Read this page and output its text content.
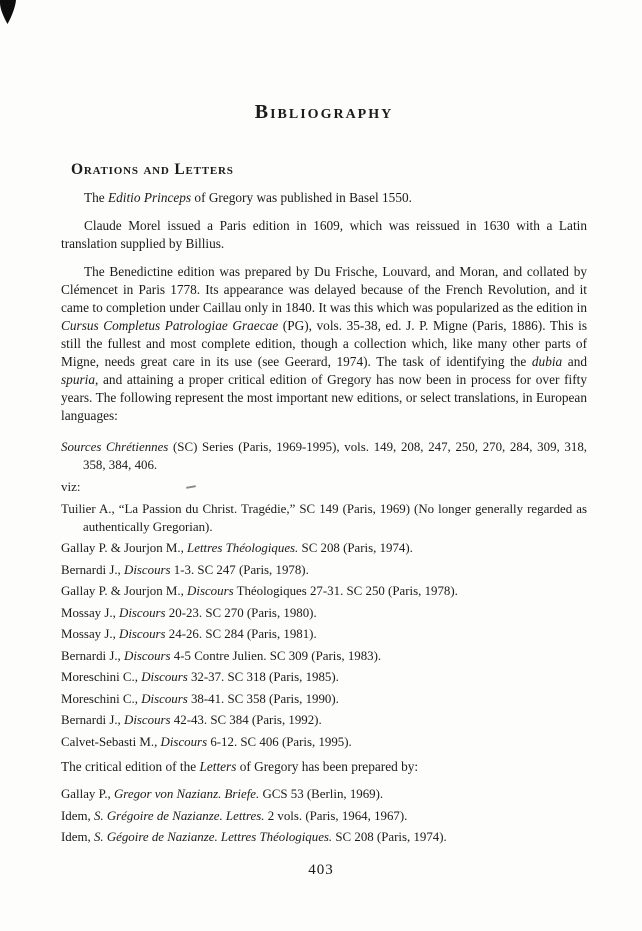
Bibliography
Orations and Letters

The Editio Princeps of Gregory was published in Basel 1550.

Claude Morel issued a Paris edition in 1609, which was reissued in 1630 with a Latin translation supplied by Billius.

The Benedictine edition was prepared by Du Frische, Louvard, and Moran, and collated by Clémencet in Paris 1778. Its appearance was delayed because of the French Revolution, and it came to completion under Caillau only in 1840. It was this which was popularized as the edition in Cursus Completus Patrologiae Graecae (PG), vols. 35-38, ed. J. P. Migne (Paris, 1886). This is still the fullest and most complete edition, though a collection which, like many other parts of Migne, needs great care in its use (see Geerard, 1974). The task of identifying the dubia and spuria, and attaining a proper critical edition of Gregory has now been in process for over fifty years. The following represent the most important new editions, or select translations, in European languages:

Sources Chrétiennes (SC) Series (Paris, 1969-1995), vols. 149, 208, 247, 250, 270, 284, 309, 318, 358, 384, 406.

viz:

Tuilier A., “La Passion du Christ. Tragédie,” SC 149 (Paris, 1969) (No longer generally regarded as authentically Gregorian).

Gallay P. & Jourjon M., Lettres Théologiques. SC 208 (Paris, 1974).

Bernardi J., Discours 1-3. SC 247 (Paris, 1978).

Gallay P. & Jourjon M., Discours Théologiques 27-31. SC 250 (Paris, 1978).

Mossay J., Discours 20-23. SC 270 (Paris, 1980).

Mossay J., Discours 24-26. SC 284 (Paris, 1981).

Bernardi J., Discours 4-5 Contre Julien. SC 309 (Paris, 1983).

Moreschini C., Discours 32-37. SC 318 (Paris, 1985).

Moreschini C., Discours 38-41. SC 358 (Paris, 1990).

Bernardi J., Discours 42-43. SC 384 (Paris, 1992).

Calvet-Sebasti M., Discours 6-12. SC 406 (Paris, 1995).

The critical edition of the Letters of Gregory has been prepared by:

Gallay P., Gregor von Nazianz. Briefe. GCS 53 (Berlin, 1969).

Idem, S. Grégoire de Nazianze. Lettres. 2 vols. (Paris, 1964, 1967).

Idem, S. Gégoire de Nazianze. Lettres Théologiques. SC 208 (Paris, 1974).

403
